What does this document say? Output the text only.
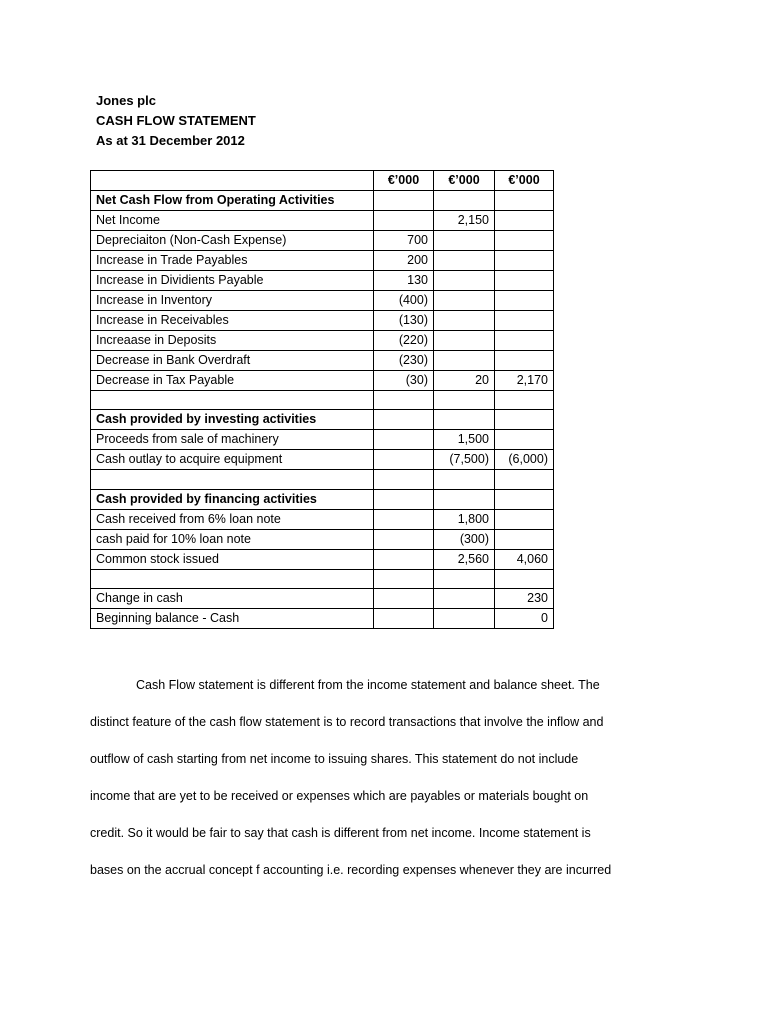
Jones plc
CASH FLOW STATEMENT
As at 31 December 2012
	€’000	€’000	€’000
Net Cash Flow from Operating Activities			
Net Income		2,150	
Depreciaiton (Non-Cash Expense)	700		
Increase in Trade Payables	200		
Increase in Dividients Payable	130		
Increase in Inventory	(400)		
Increase in Receivables	(130)		
Increaase in Deposits	(220)		
Decrease in Bank Overdraft	(230)		
Decrease in Tax Payable	(30)	20	2,170

Cash provided by investing activities			
Proceeds from sale of machinery		1,500	
Cash outlay to acquire equipment		(7,500)	(6,000)

Cash provided by financing activities			
Cash received from 6% loan note		1,800	
cash paid for 10% loan note		(300)	
Common stock issued		2,560	4,060

Change in cash			230
Beginning balance - Cash			0

Cash Flow statement is different from the income statement and balance sheet. The

distinct feature of the cash flow statement is to record transactions that involve the inflow and

outflow of cash starting from net income to issuing shares. This statement do not include

income that are yet to be received or expenses which are payables or materials bought on

credit. So it would be fair to say that cash is different from net income. Income statement is

bases on the accrual concept f accounting i.e. recording expenses whenever they are incurred
